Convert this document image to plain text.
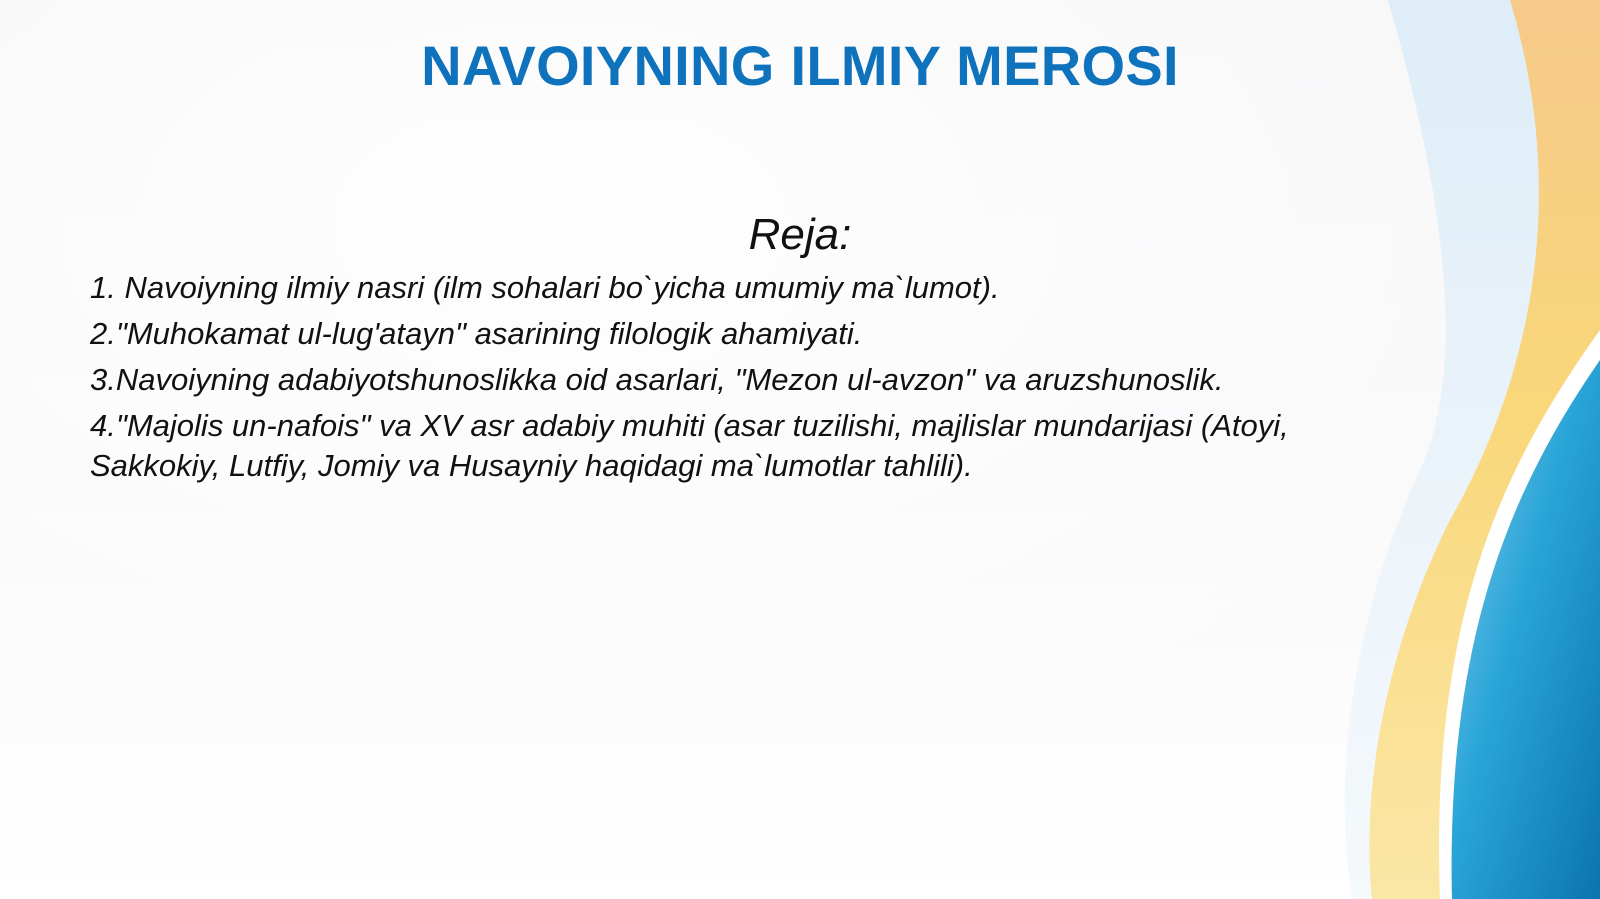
NAVOIYNING ILMIY MEROSI
Reja:
1. Navoiyning ilmiy nasri (ilm sohalari bo`yicha umumiy ma`lumot).
2."Muhokamat ul-lug'atayn" asarining filologik ahamiyati.
3.Navoiyning adabiyotshunoslikka oid asarlari, "Mezon ul-avzon" va aruzshunoslik.
4."Majolis un-nafois" va XV asr adabiy muhiti (asar tuzilishi, majlislar mundarijasi (Atoyi, Sakkokiy, Lutfiy, Jomiy va Husayniy haqidagi ma`lumotlar tahlili).
